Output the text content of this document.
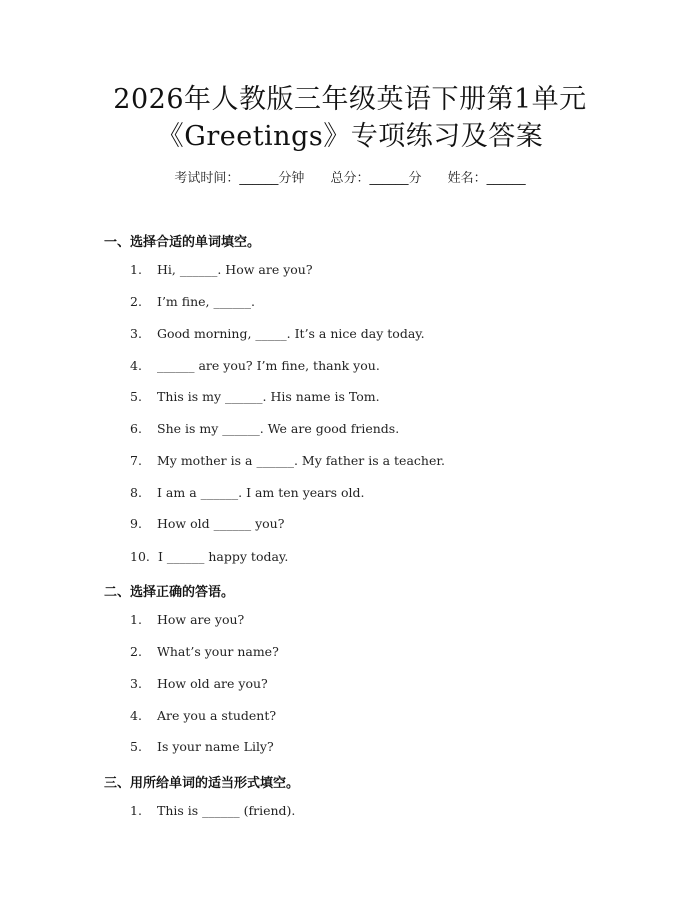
2026年人教版三年级英语下册第1单元
《Greetings》专项练习及答案
考试时间：______分钟 总分：______分 姓名：______
一、选择合适的单词填空。
1. Hi, ______. How are you?
2. I’m fine, ______.
3. Good morning, _____. It’s a nice day today.
4. ______ are you? I’m fine, thank you.
5. This is my ______. His name is Tom.
6. She is my ______. We are good friends.
7. My mother is a ______. My father is a teacher.
8. I am a ______. I am ten years old.
9. How old ______ you?
10. I ______ happy today.
二、选择正确的答语。
1. How are you?
2. What’s your name?
3. How old are you?
4. Are you a student?
5. Is your name Lily?
三、用所给单词的适当形式填空。
1. This is ______ (friend).
